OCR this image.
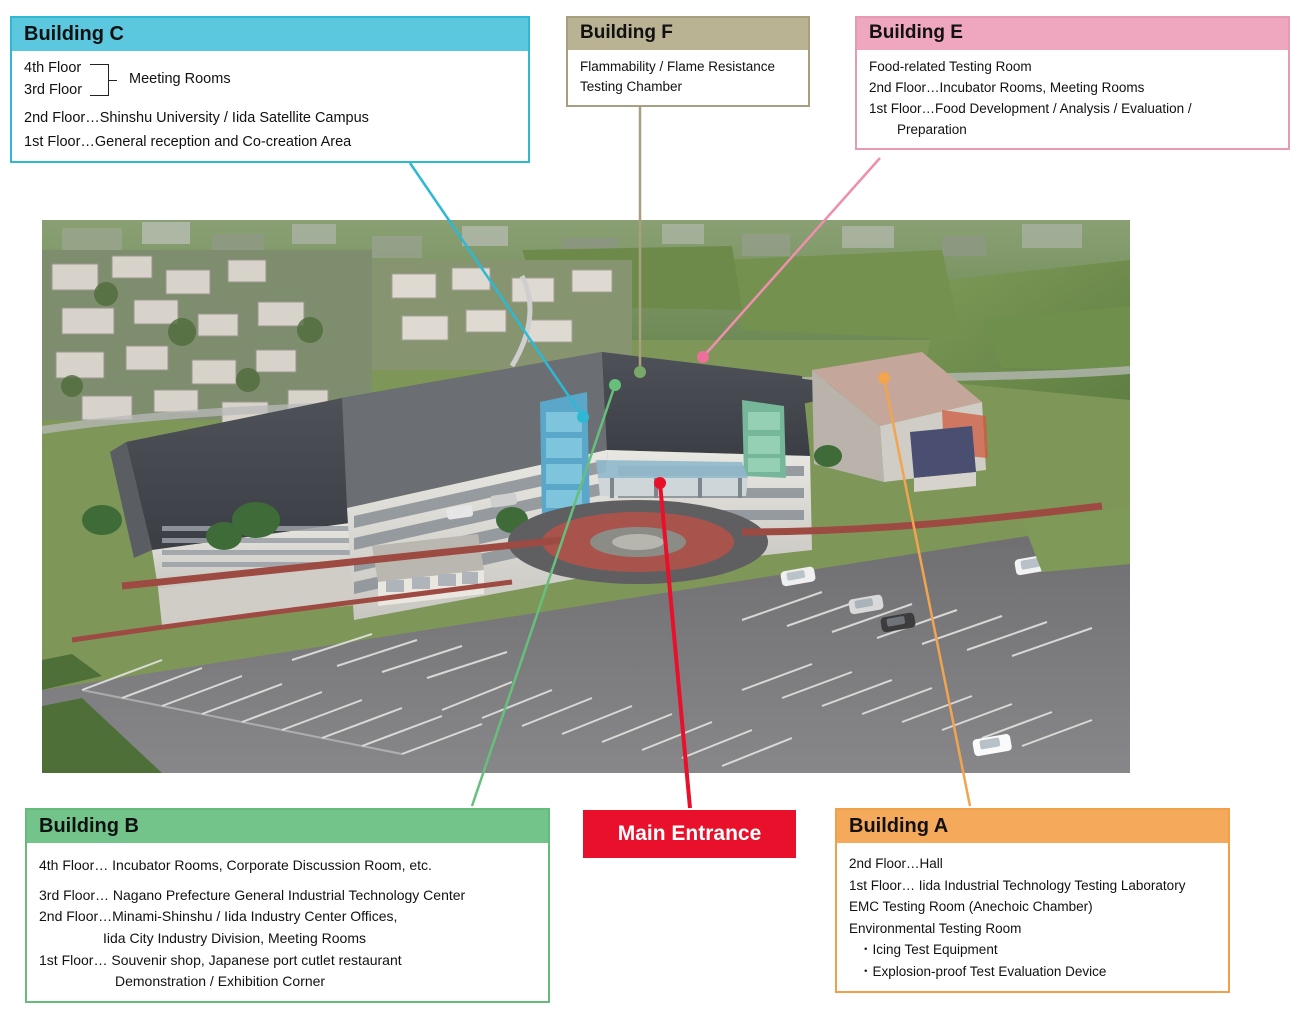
Building C
4th Floor
3rd Floor
Meeting Rooms
2nd Floor…Shinshu University / Iida Satellite Campus
1st Floor…General reception and Co-creation Area
Building F
Flammability / Flame Resistance
Testing Chamber
Building E
Food-related Testing Room
2nd Floor…Incubator Rooms, Meeting Rooms
1st Floor…Food Development / Analysis / Evaluation /
Preparation
Building B
4th Floor… Incubator Rooms, Corporate Discussion Room, etc.
3rd Floor… Nagano Prefecture General Industrial Technology Center
2nd Floor…Minami-Shinshu / Iida Industry Center Offices,
Iida City Industry Division, Meeting Rooms
1st Floor… Souvenir shop, Japanese port cutlet restaurant
Demonstration / Exhibition Corner
Main Entrance	Building A
2nd Floor…Hall
1st Floor… Iida Industrial Technology Testing Laboratory
EMC Testing Room (Anechoic Chamber)
Environmental Testing Room
・Icing Test Equipment
・Explosion-proof Test Evaluation Device
